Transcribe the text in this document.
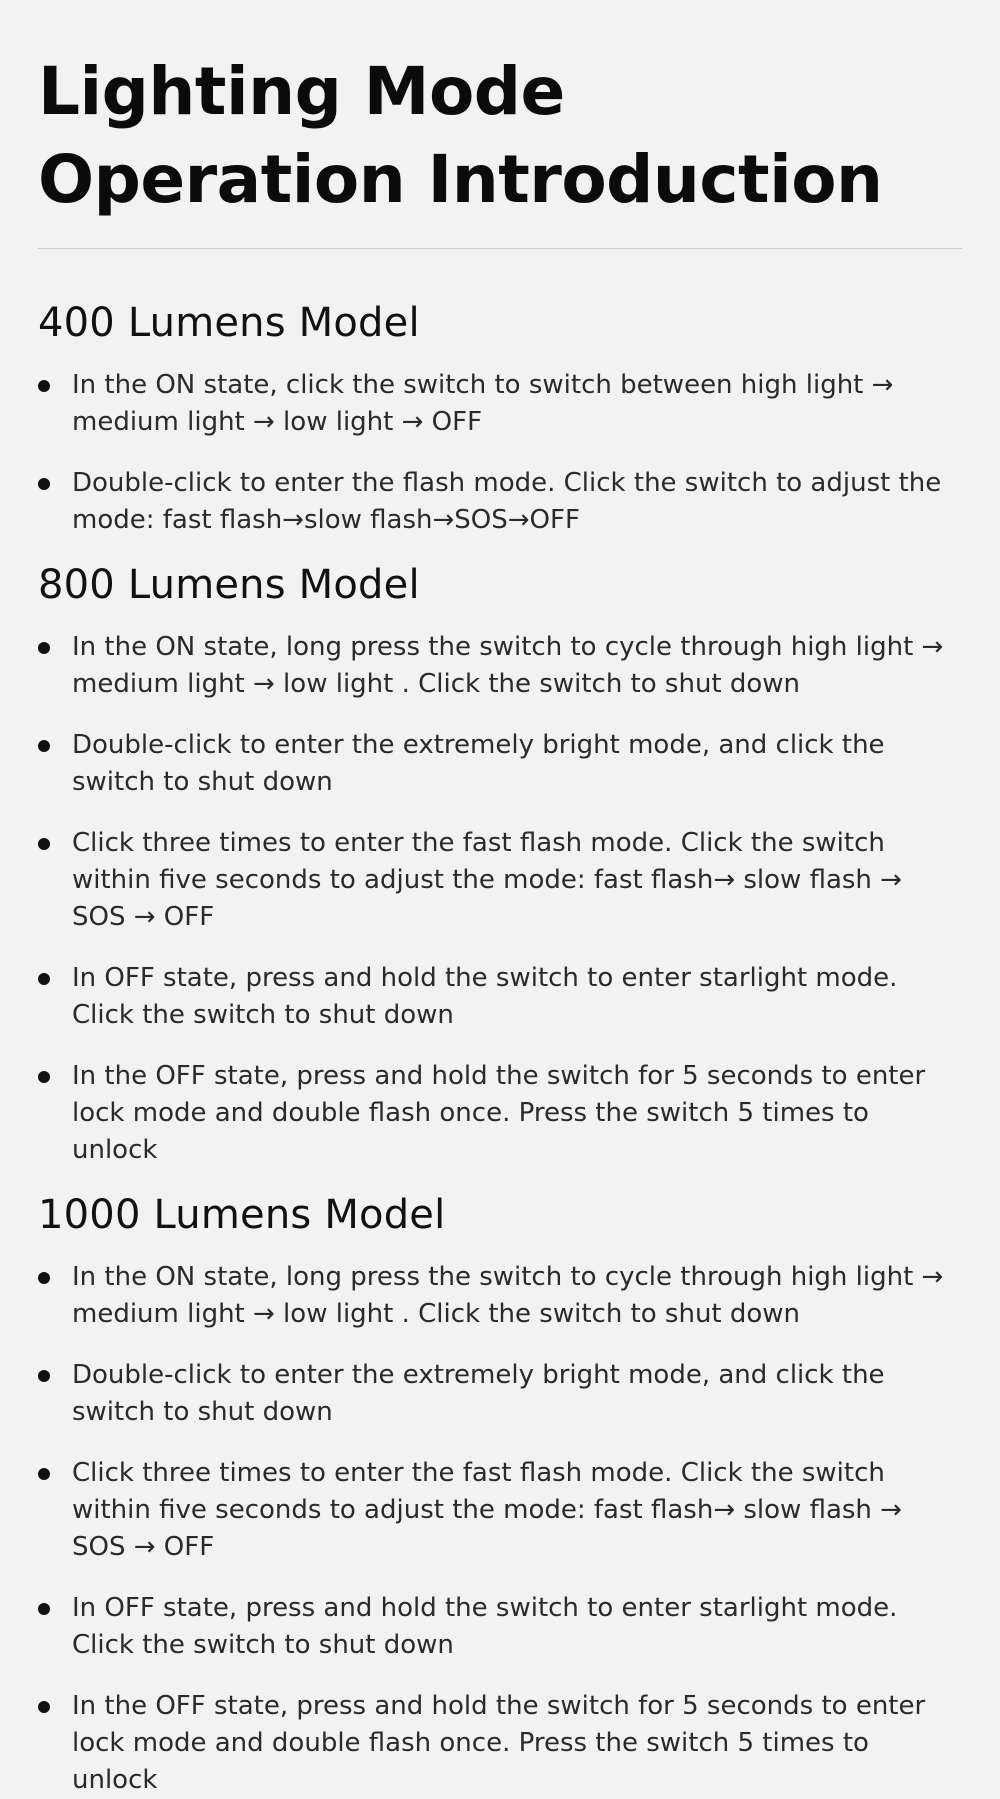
Lighting Mode
Operation Introduction
400 Lumens Model
In the ON state, click the switch to switch between high light → medium light → low light → OFF
Double-click to enter the flash mode. Click the switch to adjust the mode: fast flash→slow flash→SOS→OFF
800 Lumens Model
In the ON state, long press the switch to cycle through high light → medium light → low light . Click the switch to shut down
Double-click to enter the extremely bright mode, and click the switch to shut down
Click three times to enter the fast flash mode. Click the switch within five seconds to adjust the mode: fast flash→ slow flash → SOS → OFF
In OFF state, press and hold the switch to enter starlight mode. Click the switch to shut down
In the OFF state, press and hold the switch for 5 seconds to enter lock mode and double flash once. Press the switch 5 times to unlock
1000 Lumens Model
In the ON state, long press the switch to cycle through high light → medium light → low light . Click the switch to shut down
Double-click to enter the extremely bright mode, and click the switch to shut down
Click three times to enter the fast flash mode. Click the switch within five seconds to adjust the mode: fast flash→ slow flash → SOS → OFF
In OFF state, press and hold the switch to enter starlight mode. Click the switch to shut down
In the OFF state, press and hold the switch for 5 seconds to enter lock mode and double flash once. Press the switch 5 times to unlock
